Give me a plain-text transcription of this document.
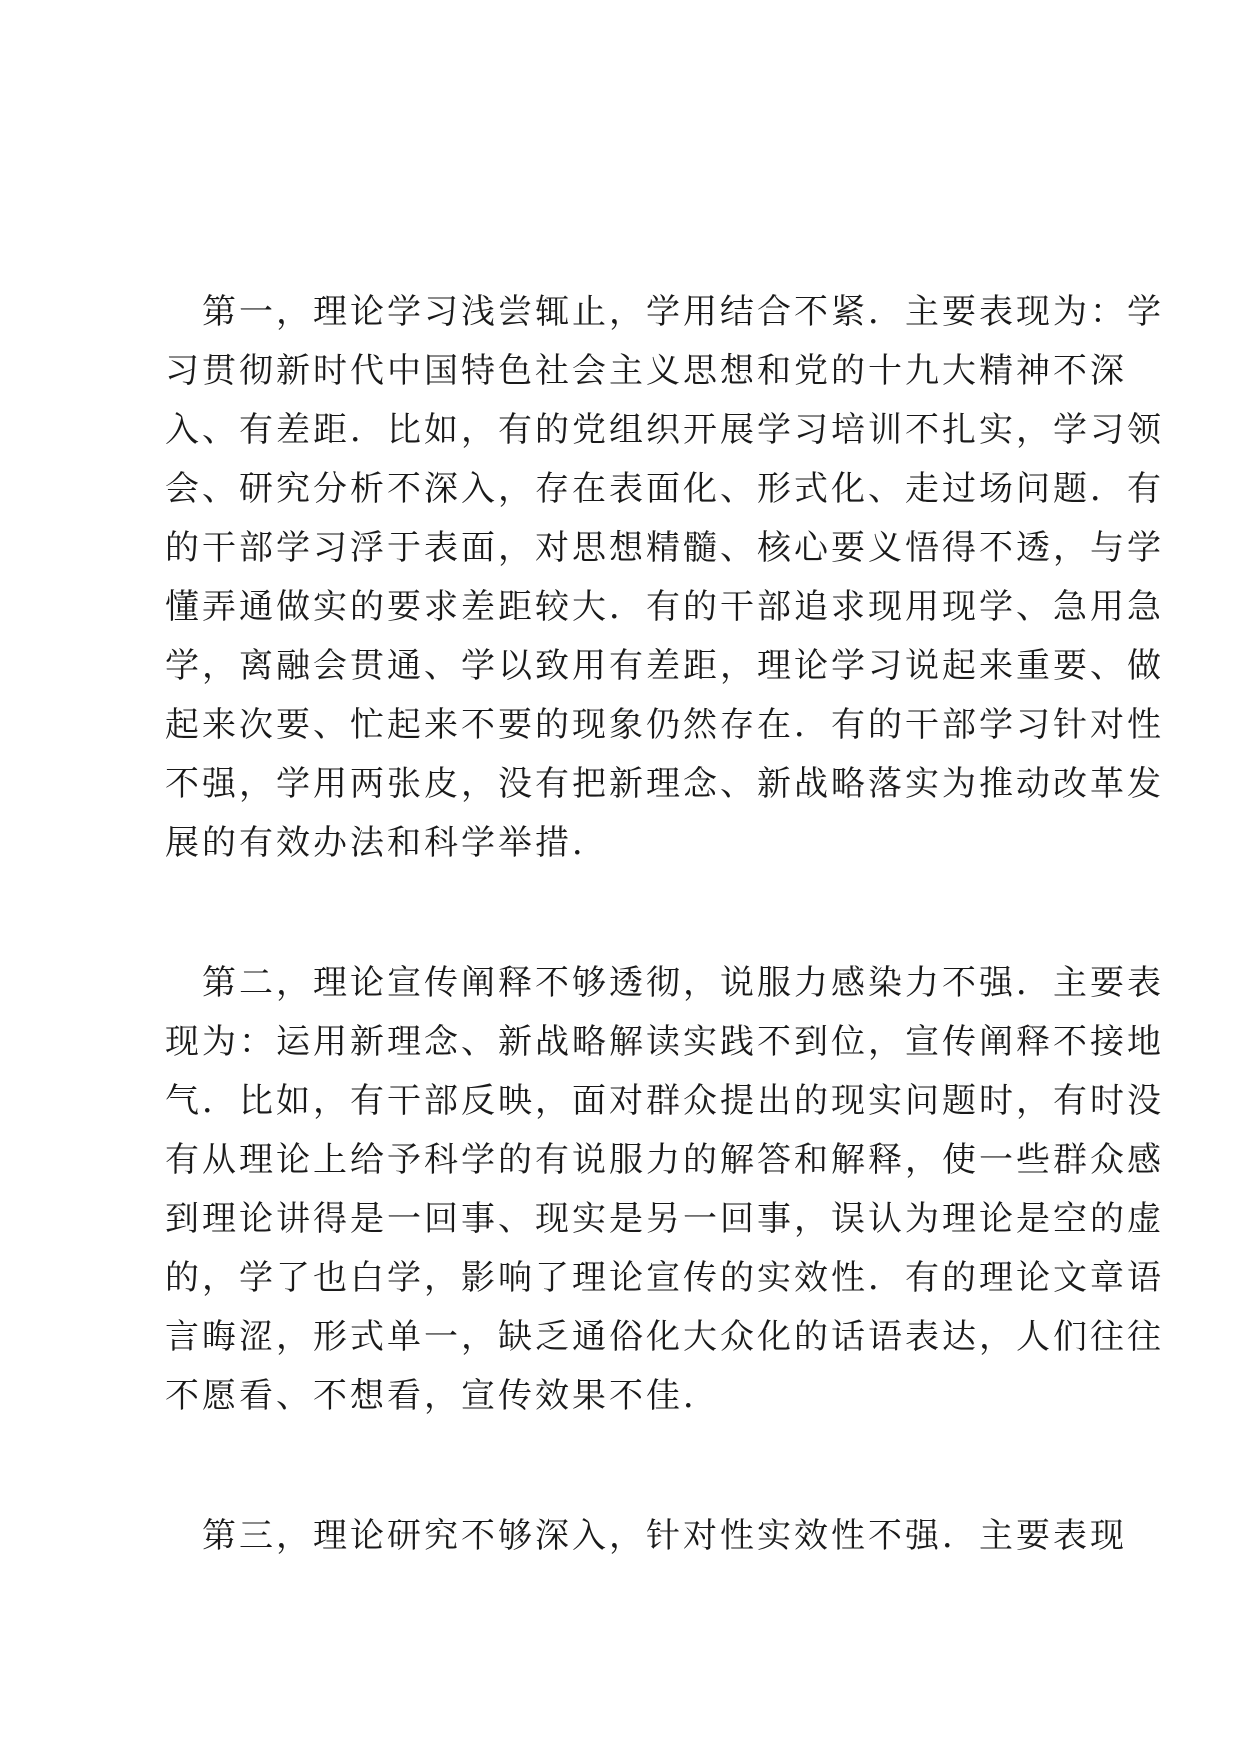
　第一，理论学习浅尝辄止，学用结合不紧．主要表现为：学
习贯彻新时代中国特色社会主义思想和党的十九大精神不深
入、有差距．比如，有的党组织开展学习培训不扎实，学习领
会、研究分析不深入，存在表面化、形式化、走过场问题．有
的干部学习浮于表面，对思想精髓、核心要义悟得不透，与学
懂弄通做实的要求差距较大．有的干部追求现用现学、急用急
学，离融会贯通、学以致用有差距，理论学习说起来重要、做
起来次要、忙起来不要的现象仍然存在．有的干部学习针对性
不强，学用两张皮，没有把新理念、新战略落实为推动改革发
展的有效办法和科学举措．

　第二，理论宣传阐释不够透彻，说服力感染力不强．主要表
现为：运用新理念、新战略解读实践不到位，宣传阐释不接地
气．比如，有干部反映，面对群众提出的现实问题时，有时没
有从理论上给予科学的有说服力的解答和解释，使一些群众感
到理论讲得是一回事、现实是另一回事，误认为理论是空的虚
的，学了也白学，影响了理论宣传的实效性．有的理论文章语
言晦涩，形式单一，缺乏通俗化大众化的话语表达，人们往往
不愿看、不想看，宣传效果不佳．

　第三，理论研究不够深入，针对性实效性不强．主要表现
